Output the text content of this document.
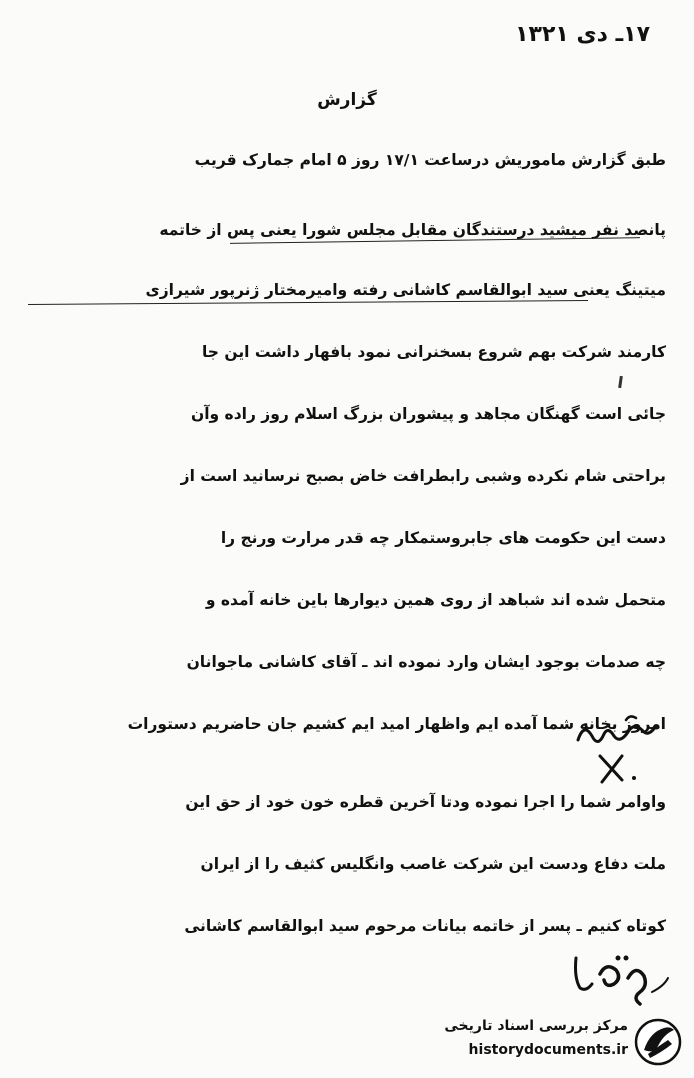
۱۷ـ دی ۱۳۲۱
گزارش
طبق گزارش ماموریش درساعت ۱۷/۱ روز ۵ امام جمارک قریب
پانصد نفر میشید درستندگان مقابل مجلس شورا یعنی پس از خاتمه
میتینگ یعنی سید ابوالقاسم کاشانی رفته وامیرمختار ژنرپور شیرازی
کارمند شرکت بهم شروع بسخنرانی نمود بافهار داشت این جا
جائی است گهنگان مجاهد و پیشوران بزرگ اسلام روز راده وآن
براحتی شام نکرده وشبی رابطرافت خاض بصبح نرسانید است از
دست این حکومت های جابروستمکار چه قدر مرارت ورنج را
متحمل شده اند شباهد از روی همین دیوارها باین خانه آمده و
چه صدمات بوجود ایشان وارد نموده اند ـ آقای کاشانی ماجوانان
امروز بخانه شما آمده ایم واظهار امید ایم کشیم جان حاضریم دستورات
واوامر شما را اجرا نموده ودتا آخرین قطره خون خود از حق این
ملت دفاع ودست این شرکت غاصب وانگلیس کثیف را از ایران
کوتاه کنیم ـ پسر از خاتمه بیانات مرحوم سید ابوالقاسم کاشانی
مرکز بررسی اسناد تاریخی
historydocuments.ir
